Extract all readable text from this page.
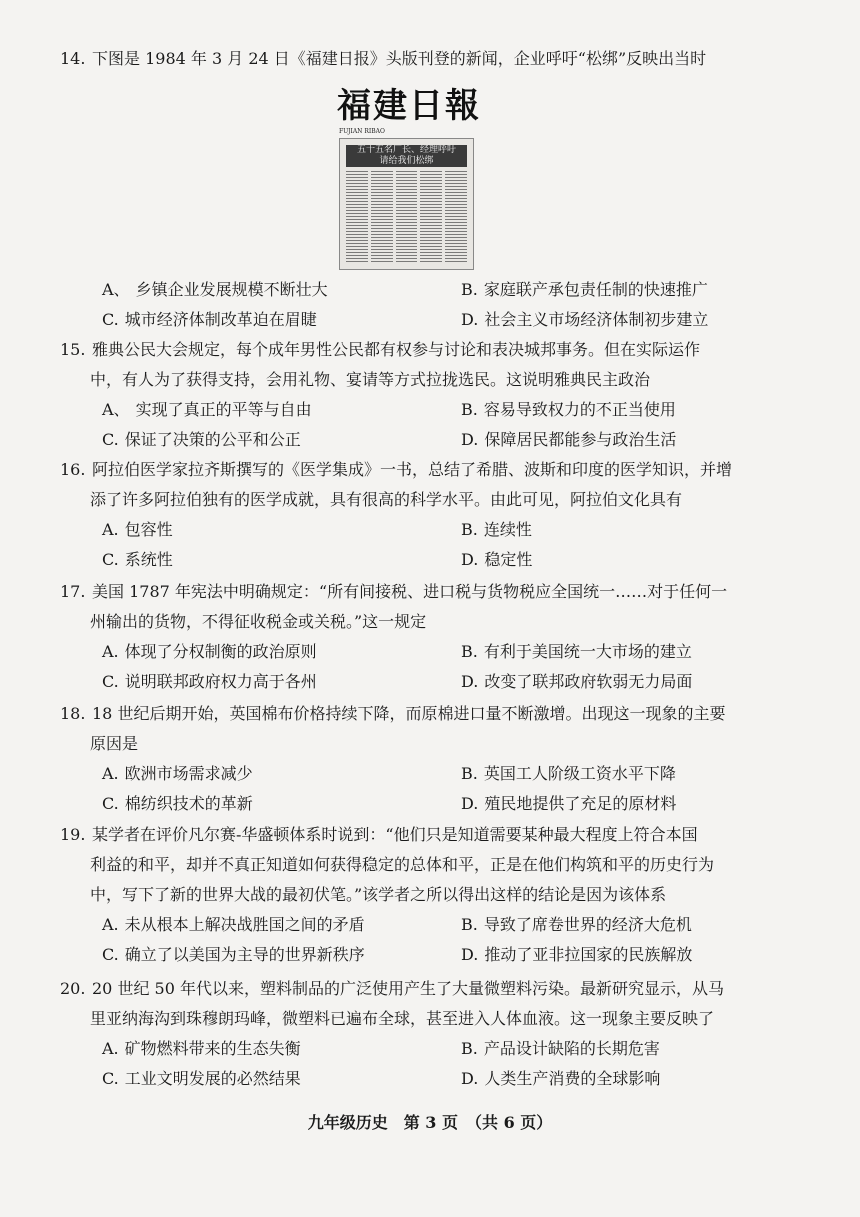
14. 下图是 1984 年 3 月 24 日《福建日报》头版刊登的新闻，企业呼吁“松绑”反映出当时
福建日報
FUJIAN RIBAO
五十五名厂长、经理呼吁
请给我们松绑
A、 乡镇企业发展规模不断壮大	B. 家庭联产承包责任制的快速推广
C. 城市经济体制改革迫在眉睫	D. 社会主义市场经济体制初步建立
15. 雅典公民大会规定，每个成年男性公民都有权参与讨论和表决城邦事务。但在实际运作
中，有人为了获得支持，会用礼物、宴请等方式拉拢选民。这说明雅典民主政治
A、 实现了真正的平等与自由	B. 容易导致权力的不正当使用
C. 保证了决策的公平和公正	D. 保障居民都能参与政治生活
16. 阿拉伯医学家拉齐斯撰写的《医学集成》一书，总结了希腊、波斯和印度的医学知识，并增
添了许多阿拉伯独有的医学成就，具有很高的科学水平。由此可见，阿拉伯文化具有
A. 包容性	B. 连续性
C. 系统性	D. 稳定性
17. 美国 1787 年宪法中明确规定：“所有间接税、进口税与货物税应全国统一……对于任何一
州输出的货物，不得征收税金或关税。”这一规定
A. 体现了分权制衡的政治原则	B. 有利于美国统一大市场的建立
C. 说明联邦政府权力高于各州	D. 改变了联邦政府软弱无力局面
18. 18 世纪后期开始，英国棉布价格持续下降，而原棉进口量不断激增。出现这一现象的主要
原因是
A. 欧洲市场需求减少	B. 英国工人阶级工资水平下降
C. 棉纺织技术的革新	D. 殖民地提供了充足的原材料
19. 某学者在评价凡尔赛-华盛顿体系时说到：“他们只是知道需要某种最大程度上符合本国
利益的和平，却并不真正知道如何获得稳定的总体和平，正是在他们构筑和平的历史行为
中，写下了新的世界大战的最初伏笔。”该学者之所以得出这样的结论是因为该体系
A. 未从根本上解决战胜国之间的矛盾	B. 导致了席卷世界的经济大危机
C. 确立了以美国为主导的世界新秩序	D. 推动了亚非拉国家的民族解放
20. 20 世纪 50 年代以来，塑料制品的广泛使用产生了大量微塑料污染。最新研究显示，从马
里亚纳海沟到珠穆朗玛峰，微塑料已遍布全球，甚至进入人体血液。这一现象主要反映了
A. 矿物燃料带来的生态失衡	B. 产品设计缺陷的长期危害
C. 工业文明发展的必然结果	D. 人类生产消费的全球影响
九年级历史　第 3 页　（共 6 页）
